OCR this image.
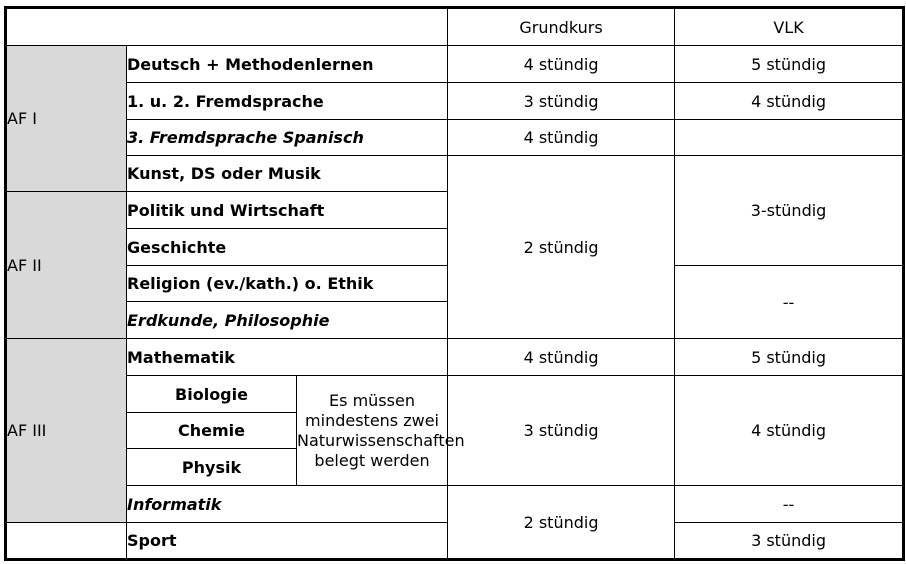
			Grundkurs	VLK
AF I	Deutsch + Methodenlernen		4 stündig	5 stündig
	1. u. 2. Fremdsprache		3 stündig	4 stündig
	3. Fremdsprache Spanisch		4 stündig	
	Kunst, DS oder Musik		2 stündig	3-stündig
AF II	Politik und Wirtschaft			
	Geschichte			
	Religion (ev./kath.) o. Ethik			--
	Erdkunde, Philosophie			
AF III	Mathematik		4 stündig	5 stündig
	Biologie	Es müssen
mindestens zwei
Naturwissenschaften
belegt werden	3 stündig	4 stündig
	Chemie			
	Physik			
	Informatik		2 stündig	--
	Sport			3 stündig
